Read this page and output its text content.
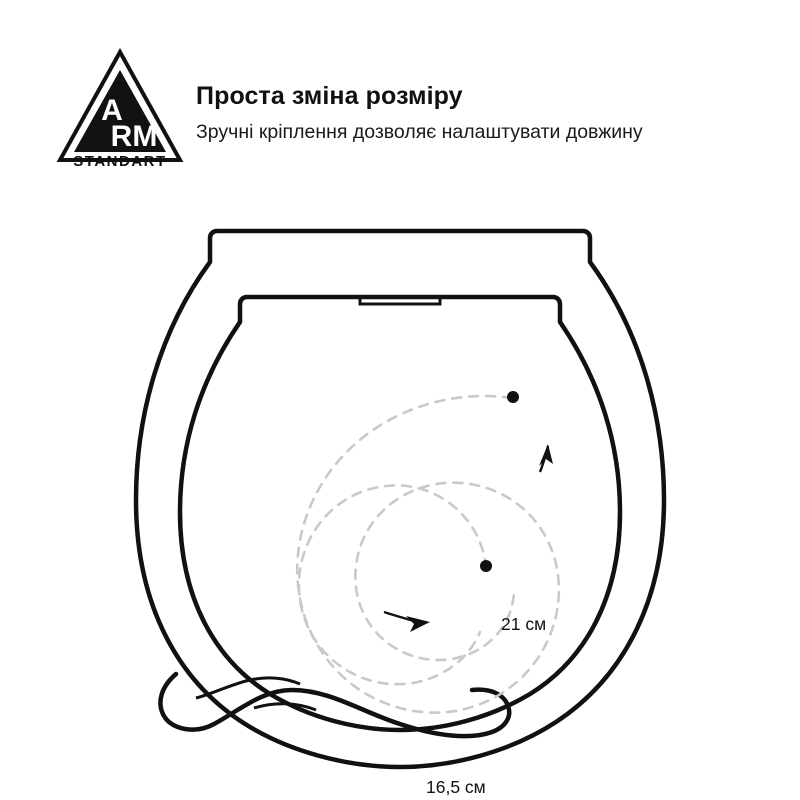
A
RM
STANDART
Проста зміна розміру

Зручні кріплення дозволяє налаштувати довжину

21 см
16,5 см
